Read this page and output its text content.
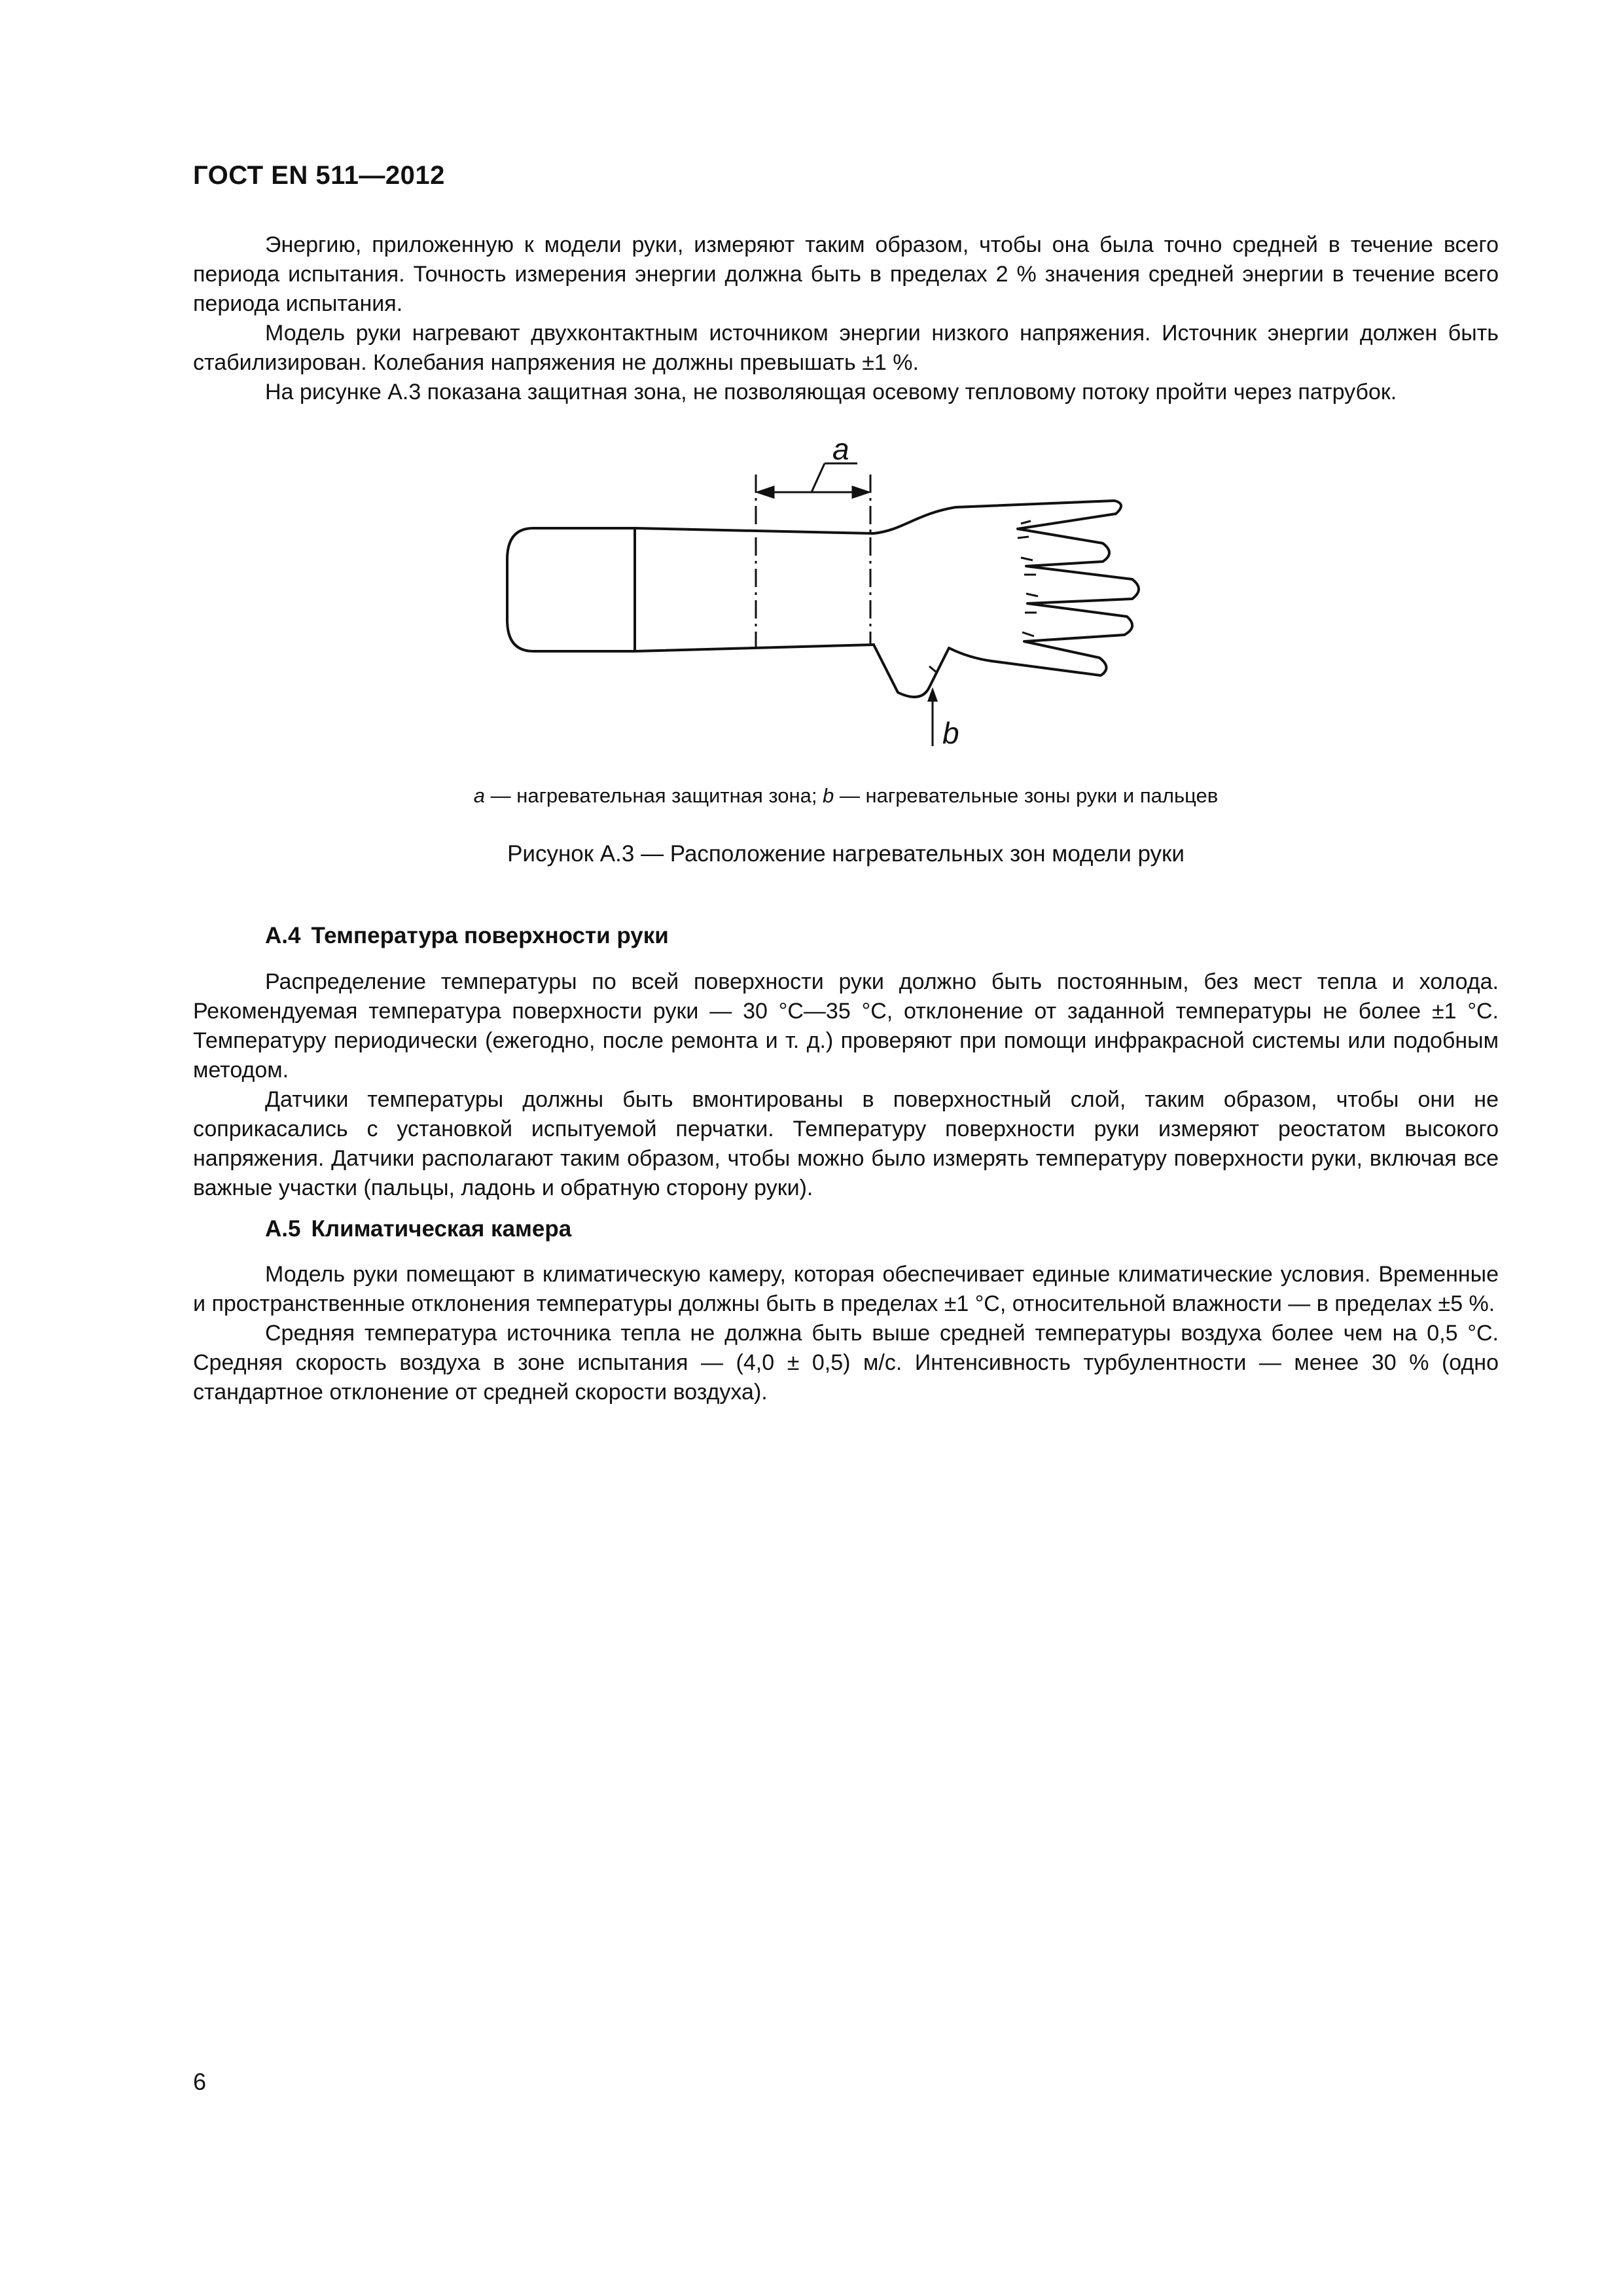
ГОСТ EN 511—2012

Энергию, приложенную к модели руки, измеряют таким образом, чтобы она была точно средней в течение всего периода испытания. Точность измерения энергии должна быть в пределах 2 % значения средней энергии в течение всего периода испытания.

Модель руки нагревают двухконтактным источником энергии низкого напряжения. Источник энергии должен быть стабилизирован. Колебания напряжения не должны превышать ±1 %.

На рисунке А.3 показана защитная зона, не позволяющая осевому тепловому потоку пройти через патрубок.

a
b
a — нагревательная защитная зона; b — нагревательные зоны руки и пальцев
Рисунок А.3 — Расположение нагревательных зон модели руки
А.4 Температура поверхности руки

Распределение температуры по всей поверхности руки должно быть постоянным, без мест тепла и холода. Рекомендуемая температура поверхности руки — 30 °С—35 °С, отклонение от заданной температуры не более ±1 °С. Температуру периодически (ежегодно, после ремонта и т. д.) проверяют при помощи инфракрасной системы или подобным методом.

Датчики температуры должны быть вмонтированы в поверхностный слой, таким образом, чтобы они не соприкасались с установкой испытуемой перчатки. Температуру поверхности руки измеряют реостатом высокого напряжения. Датчики располагают таким образом, чтобы можно было измерять температуру поверхности руки, включая все важные участки (пальцы, ладонь и обратную сторону руки).

А.5 Климатическая камера

Модель руки помещают в климатическую камеру, которая обеспечивает единые климатические условия. Временные и пространственные отклонения температуры должны быть в пределах ±1 °С, относительной влажности — в пределах ±5 %.

Средняя температура источника тепла не должна быть выше средней температуры воздуха более чем на 0,5 °С. Средняя скорость воздуха в зоне испытания — (4,0 ± 0,5) м/с. Интенсивность турбулентности — менее 30 % (одно стандартное отклонение от средней скорости воздуха).

6
